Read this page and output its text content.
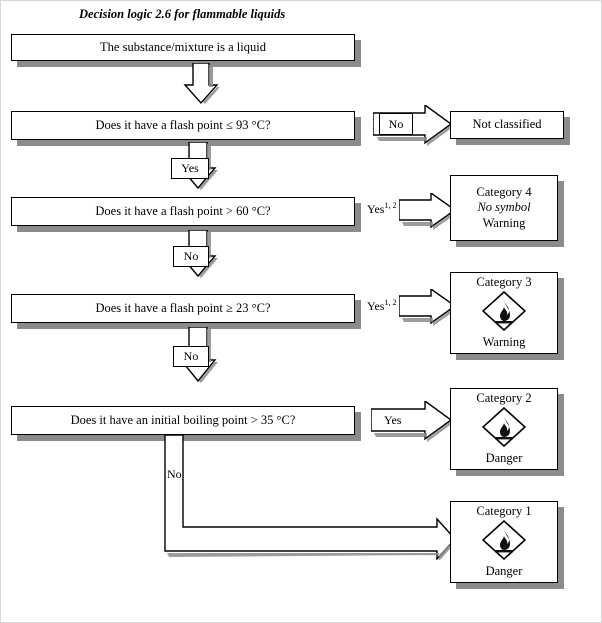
Decision logic 2.6 for flammable liquids
The substance/mixture is a liquid
Does it have a flash point ≤ 93 °C?	No	Not classified
Yes
Does it have a flash point > 60 °C?	Yes$^{1, 2}$
Category 4
No symbol
Warning
No
Does it have a flash point ≥ 23 °C?	Yes$^{1, 2}$
Category 3
Warning
No
Does it have an initial boiling point > 35 °C?	Yes
Category 2
Danger
No
Category 1
Danger
